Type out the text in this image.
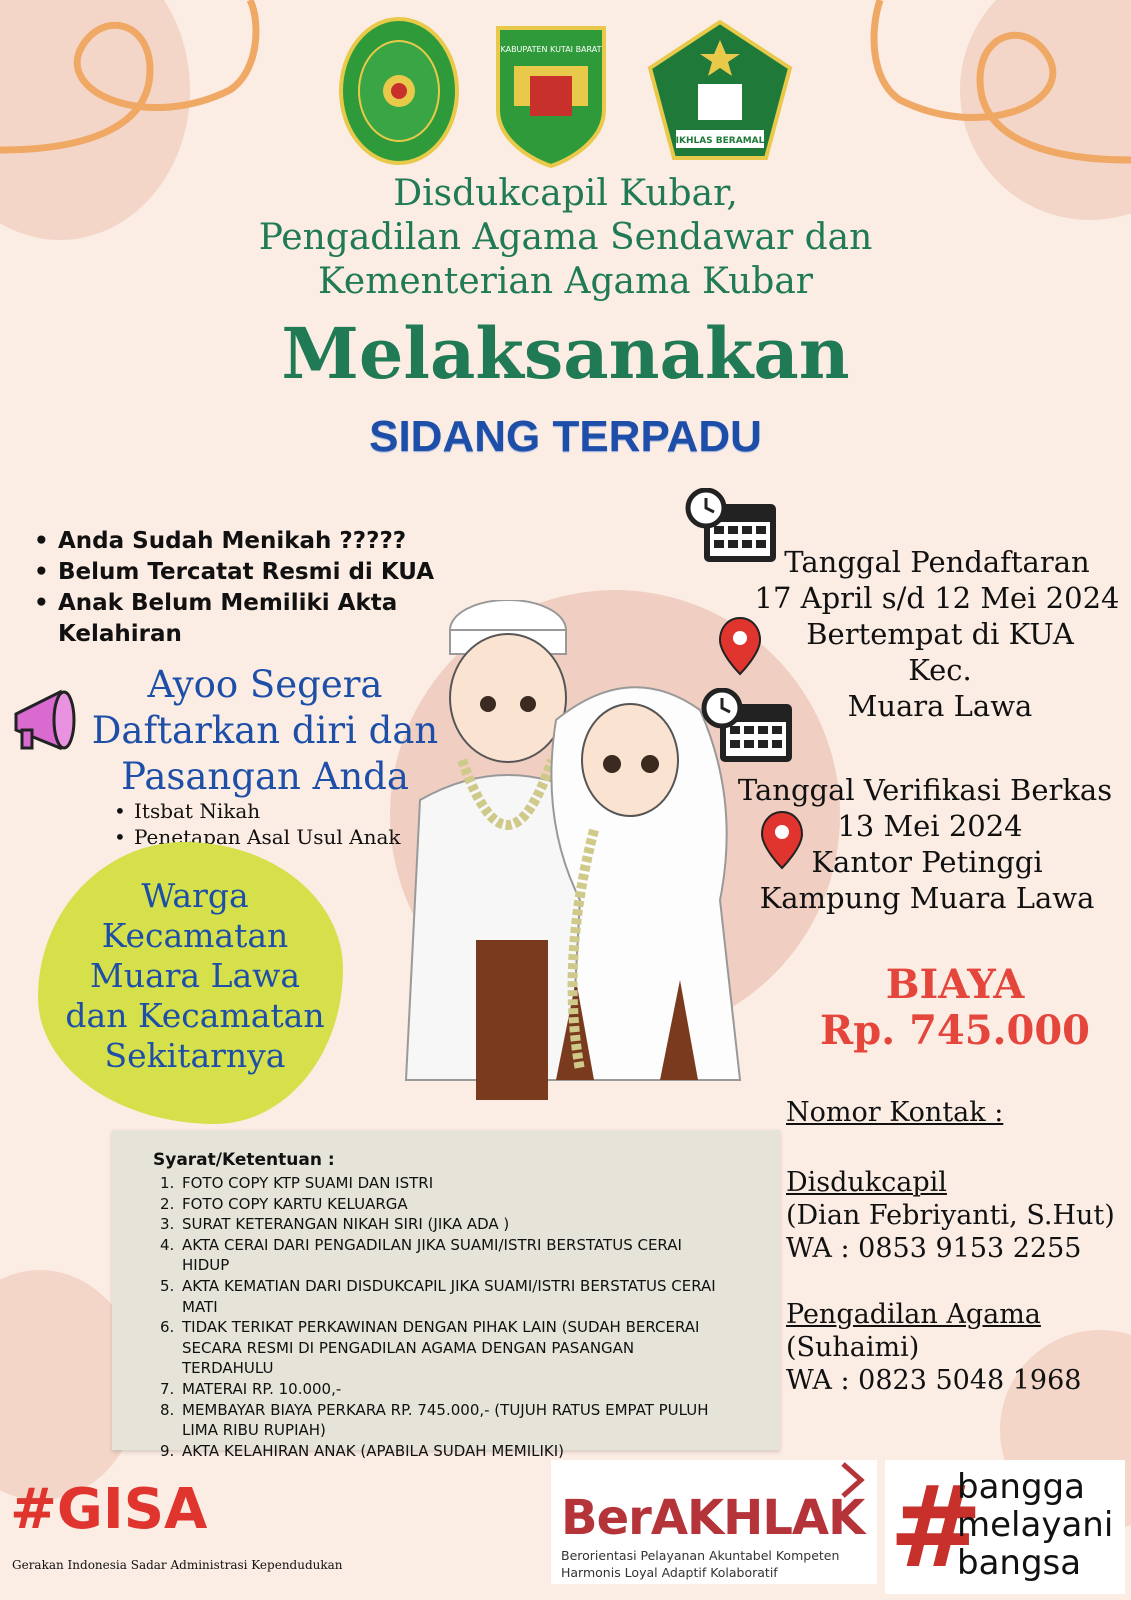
KABUPATEN KUTAI BARAT
IKHLAS BERAMAL
Disdukcapil Kubar,
Pengadilan Agama Sendawar dan
Kementerian Agama Kubar
Melaksanakan
SIDANG TERPADU
• Anda Sudah Menikah ?????
• Belum Tercatat Resmi di KUA
• Anak Belum Memiliki Akta Kelahiran
Ayoo Segera
Daftarkan diri dan
Pasangan Anda
• Itsbat Nikah
• Penetapan Asal Usul Anak
Warga
Kecamatan
Muara Lawa
dan Kecamatan
Sekitarnya
Tanggal Pendaftaran
17 April s/d 12 Mei 2024
Bertempat di KUA Kec.
Muara Lawa
Tanggal Verifikasi Berkas
13 Mei 2024
Kantor Petinggi
Kampung Muara Lawa
BIAYA
Rp. 745.000
Nomor Kontak :
Disdukcapil
(Dian Febriyanti, S.Hut)
WA : 0853 9153 2255
Pengadilan Agama
(Suhaimi)
WA : 0823 5048 1968
Syarat/Ketentuan :
1. FOTO COPY KTP SUAMI DAN ISTRI
2. FOTO COPY KARTU KELUARGA
3. SURAT KETERANGAN NIKAH SIRI (JIKA ADA )
4. AKTA CERAI DARI PENGADILAN JIKA SUAMI/ISTRI BERSTATUS CERAI
HIDUP
5. AKTA KEMATIAN DARI DISDUKCAPIL JIKA SUAMI/ISTRI BERSTATUS CERAI
MATI
6. TIDAK TERIKAT PERKAWINAN DENGAN PIHAK LAIN (SUDAH BERCERAI
SECARA RESMI DI PENGADILAN AGAMA DENGAN PASANGAN
TERDAHULU
7. MATERAI RP. 10.000,-
8. MEMBAYAR BIAYA PERKARA RP. 745.000,- (TUJUH RATUS EMPAT PULUH
LIMA RIBU RUPIAH)
9. AKTA KELAHIRAN ANAK (APABILA SUDAH MEMILIKI)
#GISA
Gerakan Indonesia Sadar Administrasi Kependudukan
BerAKHLAK
Berorientasi Pelayanan Akuntabel Kompeten
Harmonis Loyal Adaptif Kolaboratif #
bangga
melayani
bangsa
